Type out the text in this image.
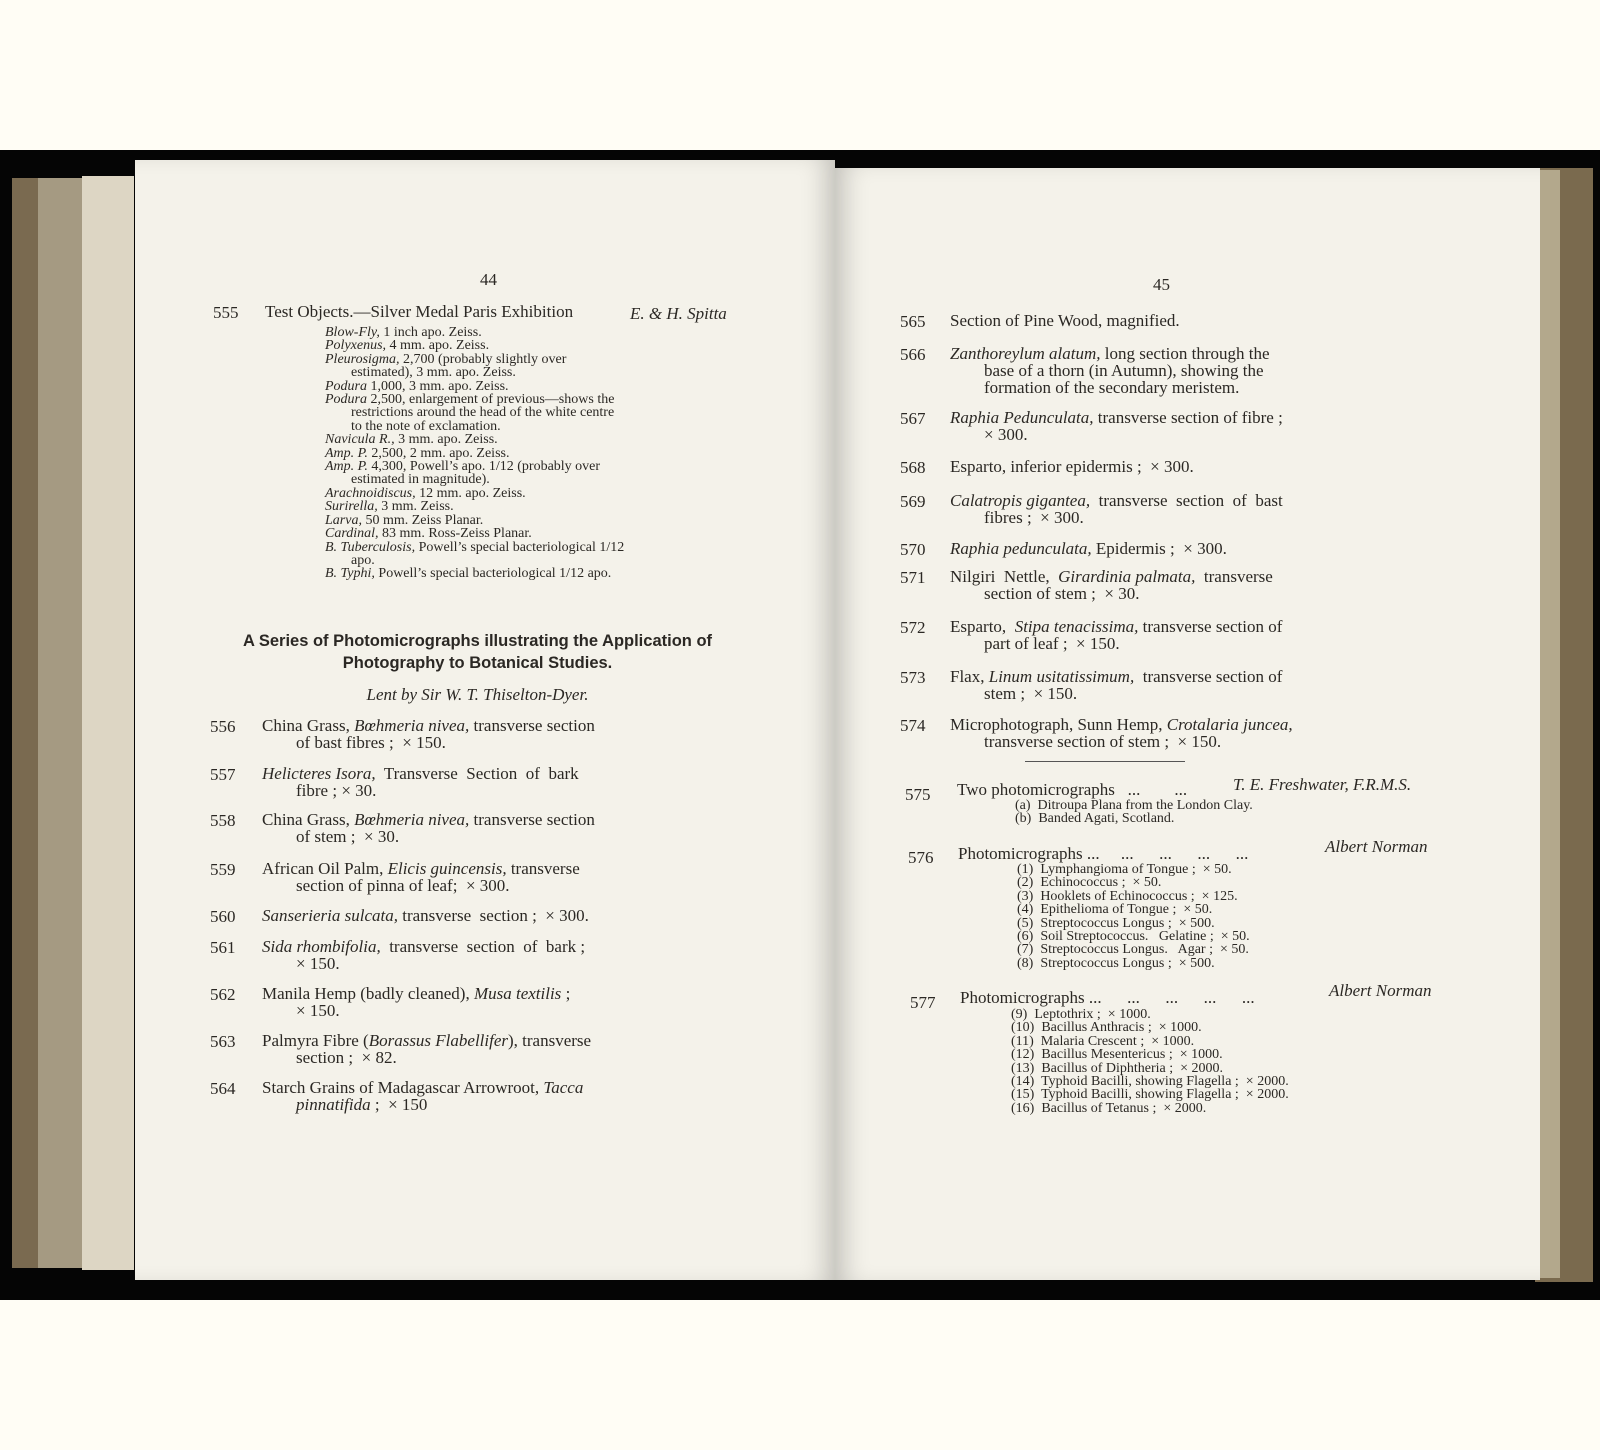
44
555 Test Objects.—Silver Medal Paris Exhibition	E. & H. Spitta
Blow-Fly, 1 inch apo. Zeiss.
Polyxenus, 4 mm. apo. Zeiss.
Pleurosigma, 2,700 (probably slightly over estimated), 3 mm. apo. Zeiss.
Podura 1,000, 3 mm. apo. Zeiss.
Podura 2,500, enlargement of previous—shows the restrictions around the head of the white centre to the note of exclamation.
Navicula R., 3 mm. apo. Zeiss.
Amp. P. 2,500, 2 mm. apo. Zeiss.
Amp. P. 4,300, Powell’s apo. 1/12 (probably over estimated in magnitude).
Arachnoidiscus, 12 mm. apo. Zeiss.
Surirella, 3 mm. Zeiss.
Larva, 50 mm. Zeiss Planar.
Cardinal, 83 mm. Ross-Zeiss Planar.
B. Tuberculosis, Powell’s special bacteriological 1/12 apo.
B. Typhi, Powell’s special bacteriological 1/12 apo.
A Series of Photomicrographs illustrating the Application of Photography to Botanical Studies.
Lent by Sir W. T. Thiselton-Dyer.
556 China Grass, Bœhmeria nivea, transverse section
of bast fibres ;  × 150.
557 Helicteres Isora,  Transverse  Section  of  bark
fibre ; × 30.
558 China Grass, Bœhmeria nivea, transverse section
of stem ;  × 30.
559 African Oil Palm, Elicis guincensis, transverse
section of pinna of leaf;  × 300.
560 Sanserieria sulcata, transverse  section ;  × 300.
561 Sida rhombifolia,  transverse  section  of  bark ;
× 150.
562 Manila Hemp (badly cleaned), Musa textilis ;
× 150.
563 Palmyra Fibre (Borassus Flabellifer), transverse
section ;  × 82.
564 Starch Grains of Madagascar Arrowroot, Tacca
pinnatifida ;  × 150
45
565 Section of Pine Wood, magnified.
566 Zanthoreylum alatum, long section through the
base of a thorn (in Autumn), showing the
formation of the secondary meristem.
567 Raphia Pedunculata, transverse section of fibre ;
× 300.
568 Esparto, inferior epidermis ;  × 300.
569 Calatropis gigantea,  transverse  section  of  bast
fibres ;  × 300.
570 Raphia pedunculata, Epidermis ;  × 300.
571 Nilgiri  Nettle,  Girardinia palmata,  transverse
section of stem ;  × 30.
572 Esparto,  Stipa tenacissima, transverse section of
part of leaf ;  × 150.
573 Flax, Linum usitatissimum,  transverse section of
stem ;  × 150.
574 Microphotograph, Sunn Hemp, Crotalaria juncea,
transverse section of stem ;  × 150.
575 Two photomicrographs   ...        ...	T. E. Freshwater, F.R.M.S.
(a)  Ditroupa Plana from the London Clay.
(b)  Banded Agati, Scotland.
576 Photomicrographs ...     ...      ...      ...      ...	Albert Norman
(1)  Lymphangioma of Tongue ;  × 50.
(2)  Echinococcus ;  × 50.
(3)  Hooklets of Echinococcus ;  × 125.
(4)  Epithelioma of Tongue ;  × 50.
(5)  Streptococcus Longus ;  × 500.
(6)  Soil Streptococcus.   Gelatine ;  × 50.
(7)  Streptococcus Longus.   Agar ;  × 50.
(8)  Streptococcus Longus ;  × 500.
577 Photomicrographs ...      ...      ...      ...      ...	Albert Norman
(9)  Leptothrix ;  × 1000.
(10)  Bacillus Anthracis ;  × 1000.
(11)  Malaria Crescent ;  × 1000.
(12)  Bacillus Mesentericus ;  × 1000.
(13)  Bacillus of Diphtheria ;  × 2000.
(14)  Typhoid Bacilli, showing Flagella ;  × 2000.
(15)  Typhoid Bacilli, showing Flagella ;  × 2000.
(16)  Bacillus of Tetanus ;  × 2000.
